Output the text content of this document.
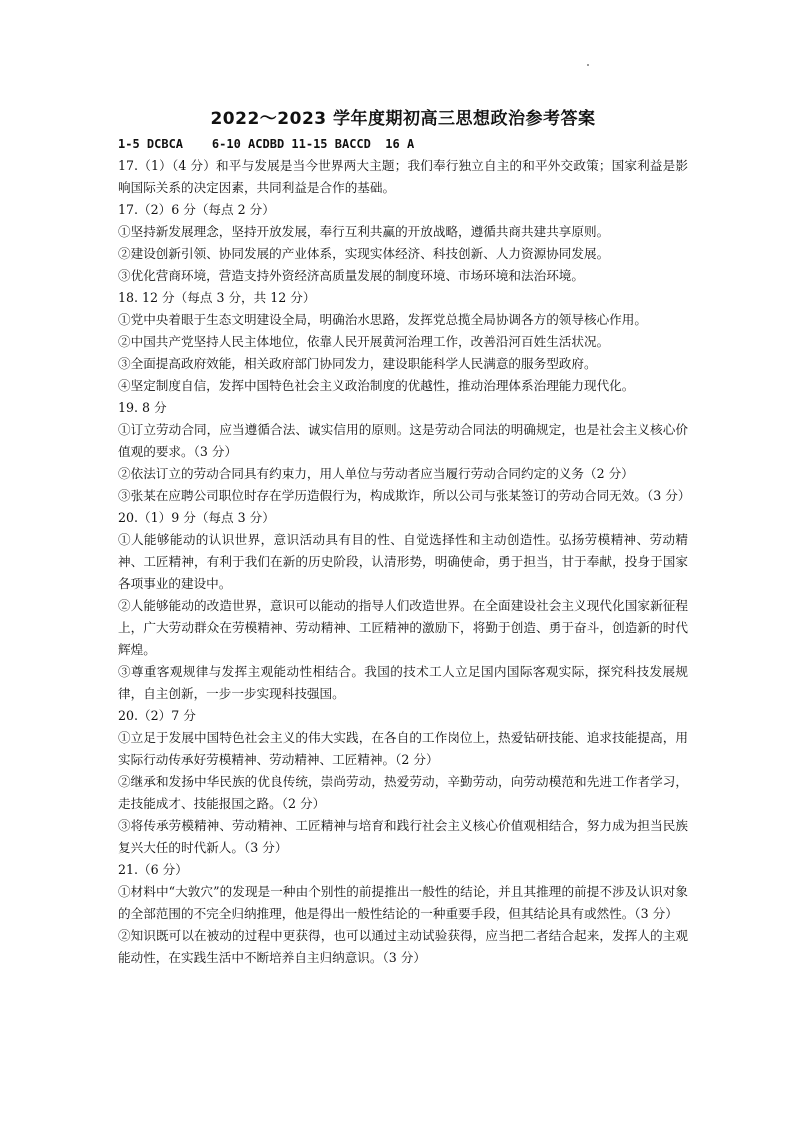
2022～2023 学年度期初高三思想政治参考答案
1-5 DCBCA    6-10 ACDBD 11-15 BACCD  16 A

17.（1）（4 分）和平与发展是当今世界两大主题；我们奉行独立自主的和平外交政策；国家利益是影响国际关系的决定因素，共同利益是合作的基础。

17.（2）6 分（每点 2 分）

①坚持新发展理念，坚持开放发展，奉行互利共赢的开放战略，遵循共商共建共享原则。

②建设创新引领、协同发展的产业体系，实现实体经济、科技创新、人力资源协同发展。

③优化营商环境，营造支持外资经济高质量发展的制度环境、市场环境和法治环境。

18. 12 分（每点 3 分，共 12 分）

①党中央着眼于生态文明建设全局，明确治水思路，发挥党总揽全局协调各方的领导核心作用。

②中国共产党坚持人民主体地位，依靠人民开展黄河治理工作，改善沿河百姓生活状况。

③全面提高政府效能，相关政府部门协同发力，建设职能科学人民满意的服务型政府。

④坚定制度自信，发挥中国特色社会主义政治制度的优越性，推动治理体系治理能力现代化。

19. 8 分

①订立劳动合同，应当遵循合法、诚实信用的原则。这是劳动合同法的明确规定，也是社会主义核心价值观的要求。（3 分）

②依法订立的劳动合同具有约束力，用人单位与劳动者应当履行劳动合同约定的义务（2 分）

③张某在应聘公司职位时存在学历造假行为，构成欺诈，所以公司与张某签订的劳动合同无效。（3 分）

20.（1）9 分（每点 3 分）

①人能够能动的认识世界，意识活动具有目的性、自觉选择性和主动创造性。弘扬劳模精神、劳动精神、工匠精神，有利于我们在新的历史阶段，认清形势，明确使命，勇于担当，甘于奉献，投身于国家各项事业的建设中。

②人能够能动的改造世界，意识可以能动的指导人们改造世界。在全面建设社会主义现代化国家新征程上，广大劳动群众在劳模精神、劳动精神、工匠精神的激励下，将勤于创造、勇于奋斗，创造新的时代辉煌。

③尊重客观规律与发挥主观能动性相结合。我国的技术工人立足国内国际客观实际，探究科技发展规律，自主创新，一步一步实现科技强国。

20.（2）7 分

①立足于发展中国特色社会主义的伟大实践，在各自的工作岗位上，热爱钻研技能、追求技能提高，用实际行动传承好劳模精神、劳动精神、工匠精神。（2 分）

②继承和发扬中华民族的优良传统，崇尚劳动，热爱劳动，辛勤劳动，向劳动模范和先进工作者学习，走技能成才、技能报国之路。（2 分）

③将传承劳模精神、劳动精神、工匠精神与培育和践行社会主义核心价值观相结合，努力成为担当民族复兴大任的时代新人。（3 分）

21.（6 分）

①材料中“大敦穴”的发现是一种由个别性的前提推出一般性的结论，并且其推理的前提不涉及认识对象的全部范围的不完全归纳推理，他是得出一般性结论的一种重要手段，但其结论具有或然性。（3 分）

②知识既可以在被动的过程中更获得，也可以通过主动试验获得，应当把二者结合起来，发挥人的主观能动性，在实践生活中不断培养自主归纳意识。（3 分）
